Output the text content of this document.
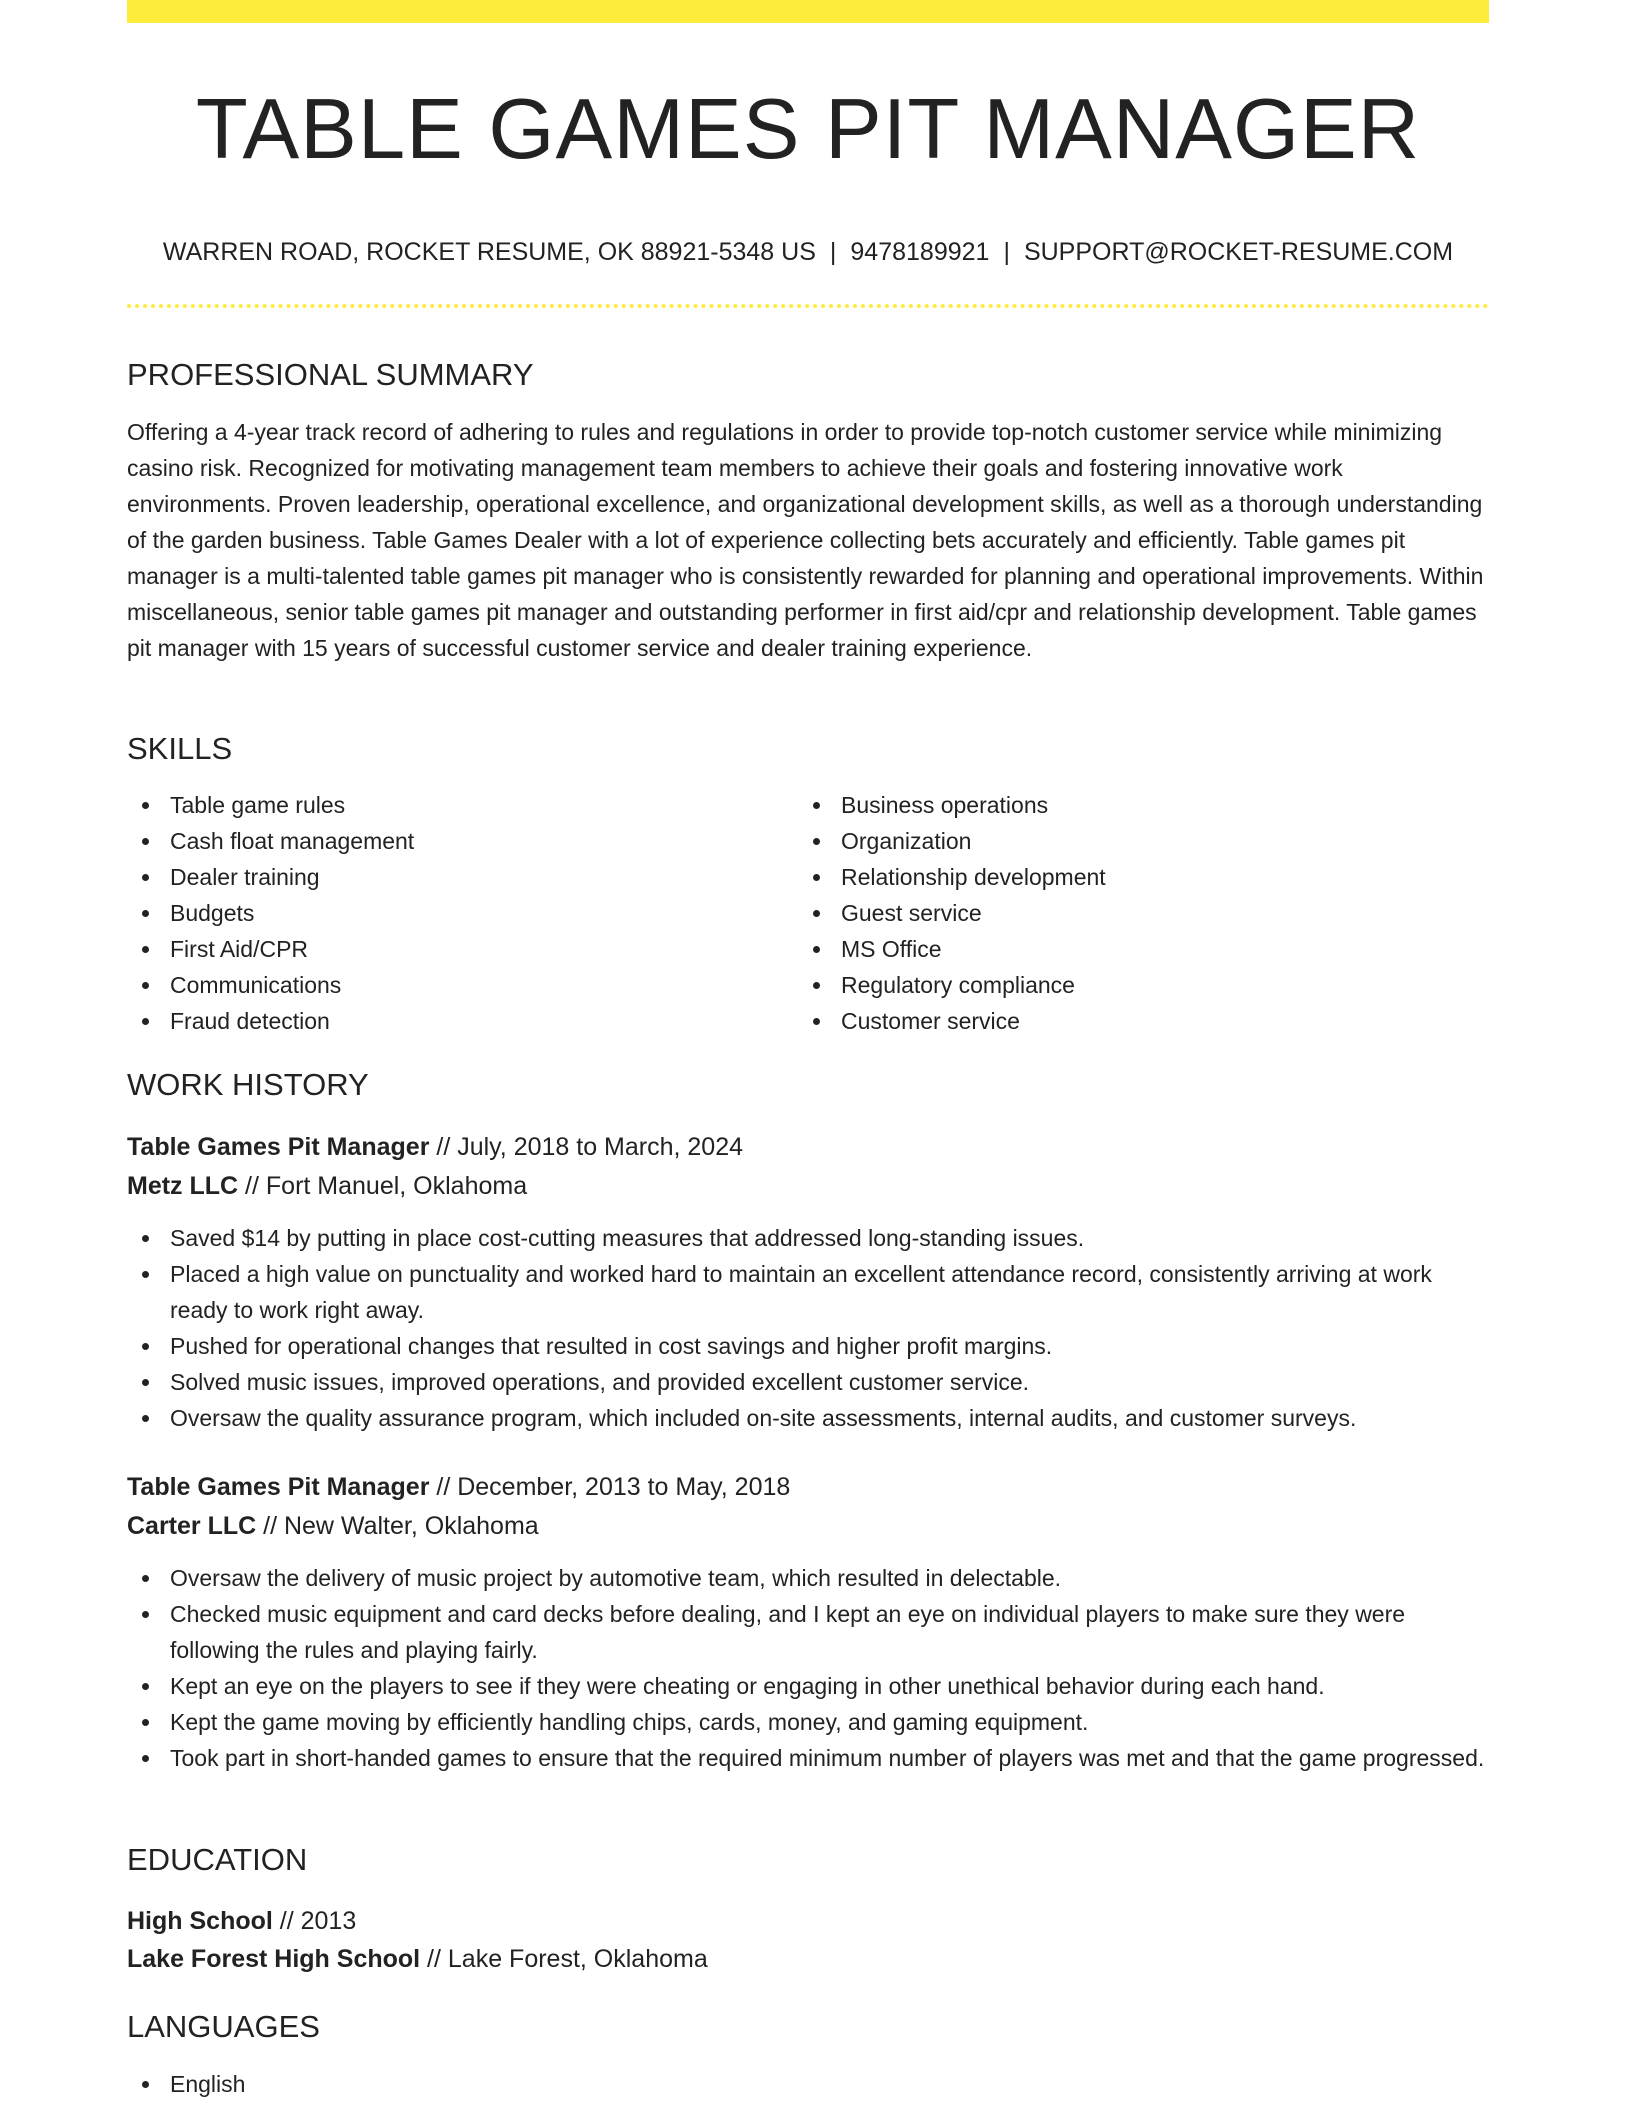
TABLE GAMES PIT MANAGER
WARREN ROAD, ROCKET RESUME, OK 88921-5348 US | 9478189921 | SUPPORT@ROCKET-RESUME.COM
PROFESSIONAL SUMMARY

Offering a 4-year track record of adhering to rules and regulations in order to provide top-notch customer service while minimizing casino risk. Recognized for motivating management team members to achieve their goals and fostering innovative work environments. Proven leadership, operational excellence, and organizational development skills, as well as a thorough understanding of the garden business. Table Games Dealer with a lot of experience collecting bets accurately and efficiently. Table games pit manager is a multi-talented table games pit manager who is consistently rewarded for planning and operational improvements. Within miscellaneous, senior table games pit manager and outstanding performer in first aid/cpr and relationship development. Table games pit manager with 15 years of successful customer service and dealer training experience.

SKILLS
Table game rules
Cash float management
Dealer training
Budgets
First Aid/CPR
Communications
Fraud detection
Business operations
Organization
Relationship development
Guest service
MS Office
Regulatory compliance
Customer service
WORK HISTORY
Table Games Pit Manager // July, 2018 to March, 2024
Metz LLC // Fort Manuel, Oklahoma
Saved $14 by putting in place cost-cutting measures that addressed long-standing issues.
Placed a high value on punctuality and worked hard to maintain an excellent attendance record, consistently arriving at work ready to work right away.
Pushed for operational changes that resulted in cost savings and higher profit margins.
Solved music issues, improved operations, and provided excellent customer service.
Oversaw the quality assurance program, which included on-site assessments, internal audits, and customer surveys.
Table Games Pit Manager // December, 2013 to May, 2018
Carter LLC // New Walter, Oklahoma
Oversaw the delivery of music project by automotive team, which resulted in delectable.
Checked music equipment and card decks before dealing, and I kept an eye on individual players to make sure they were following the rules and playing fairly.
Kept an eye on the players to see if they were cheating or engaging in other unethical behavior during each hand.
Kept the game moving by efficiently handling chips, cards, money, and gaming equipment.
Took part in short-handed games to ensure that the required minimum number of players was met and that the game progressed.
EDUCATION
High School // 2013
Lake Forest High School // Lake Forest, Oklahoma
LANGUAGES
English
